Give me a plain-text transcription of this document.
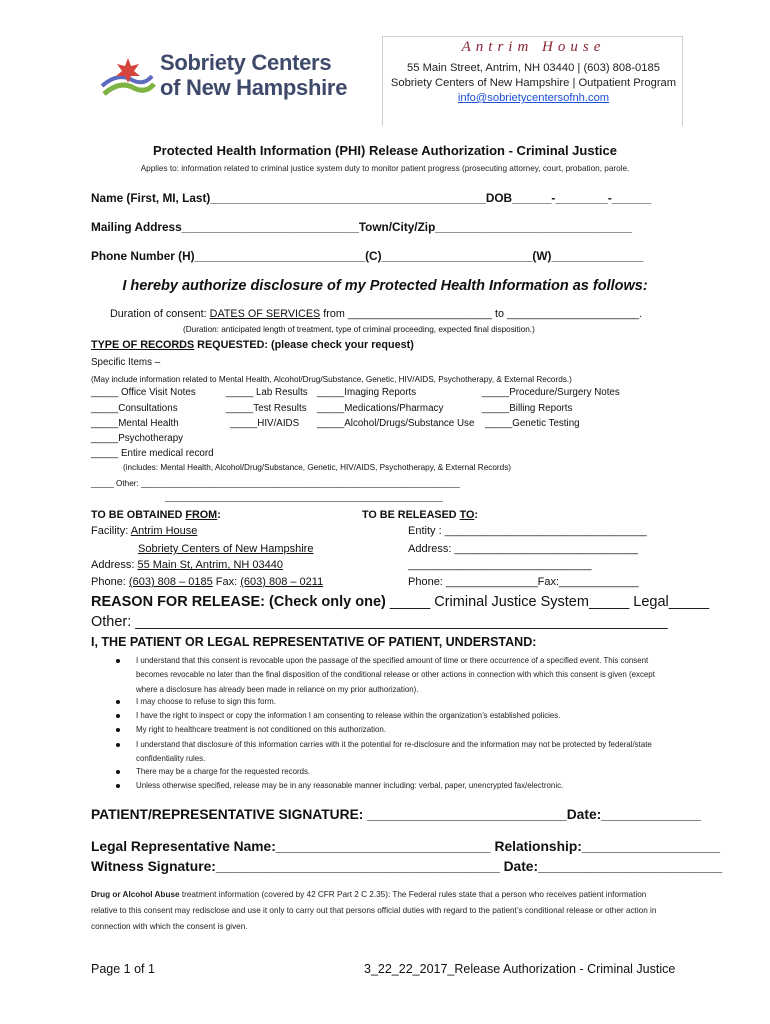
Sobriety Centers
of New Hampshire
Antrim House
55 Main Street, Antrim, NH 03440 | (603) 808-0185
Sobriety Centers of New Hampshire | Outpatient Program
info@sobrietycentersofnh.com
Protected Health Information (PHI) Release Authorization - Criminal Justice
Applies to: information related to criminal justice system duty to monitor patient progress (prosecuting attorney, court, probation, parole.
Name (First, MI, Last)__________________________________________DOB______-________-______
Mailing Address___________________________Town/City/Zip______________________________
Phone Number (H)__________________________(C)_______________________(W)______________
I hereby authorize disclosure of my Protected Health Information as follows:
Duration of consent: DATES OF SERVICES from ________________________ to ______________________.
(Duration: anticipated length of treatment, type of criminal proceeding, expected final disposition.)
TYPE OF RECORDS REQUESTED: (please check your request)
Specific Items –
(May include information related to Mental Health, Alcohol/Drug/Substance, Genetic, HIV/AIDS, Psychotherapy, & External Records.)
_____ Office Visit Notes	_____ Lab Results _____Imaging Reports	_____Procedure/Surgery Notes
_____Consultations	_____Test Results _____Medications/Pharmacy	_____Billing Reports
_____Mental Health	_____HIV/AIDS _____Alcohol/Drugs/Substance Use _____Genetic Testing
_____Psychotherapy
_____ Entire medical record
(includes: Mental Health, Alcohol/Drug/Substance, Genetic, HIV/AIDS, Psychotherapy, & External Records)
_____ Other: ______________________________________________________________________
_____________________________________________________________
TO BE OBTAINED FROM:
Facility: Antrim House
Sobriety Centers of New Hampshire
Address: 55 Main St, Antrim, NH 03440
Phone: (603) 808 – 0185 Fax: (603) 808 – 0211
TO BE RELEASED TO:
Entity : _________________________________
Address: ______________________________
______________________________
Phone: _______________Fax:_____________
REASON FOR RELEASE: (Check only one) _____ Criminal Justice System_____ Legal_____
Other: __________________________________________________________________
I, THE PATIENT OR LEGAL REPRESENTATIVE OF PATIENT, UNDERSTAND:
I understand that this consent is revocable upon the passage of the specified amount of time or there occurrence of a specified event. This consent becomes revocable no later than the final disposition of the conditional release or other actions in connection with which this consent is given (except where a disclosure has already been made in reliance on my prior authorization).
I may choose to refuse to sign this form.
I have the right to inspect or copy the information I am consenting to release within the organization’s established policies.
My right to healthcare treatment is not conditioned on this authorization.
I understand that disclosure of this information carries with it the potential for re-disclosure and the information may not be protected by federal/state confidentiality rules.
There may be a charge for the requested records.
Unless otherwise specified, release may be in any reasonable manner including: verbal, paper, unencrypted fax/electronic.
PATIENT/REPRESENTATIVE SIGNATURE: __________________________Date:_____________
Legal Representative Name:____________________________ Relationship:__________________
Witness Signature:_____________________________________ Date:________________________
Drug or Alcohol Abuse treatment information (covered by 42 CFR Part 2 C 2.35): The Federal rules state that a person who receives patient information relative to this consent may redisclose and use it only to carry out that persons official duties with regard to the patient’s conditional release or other action in connection with which the consent is given.
Page 1 of 1	3_22_22_2017_Release Authorization - Criminal Justice
